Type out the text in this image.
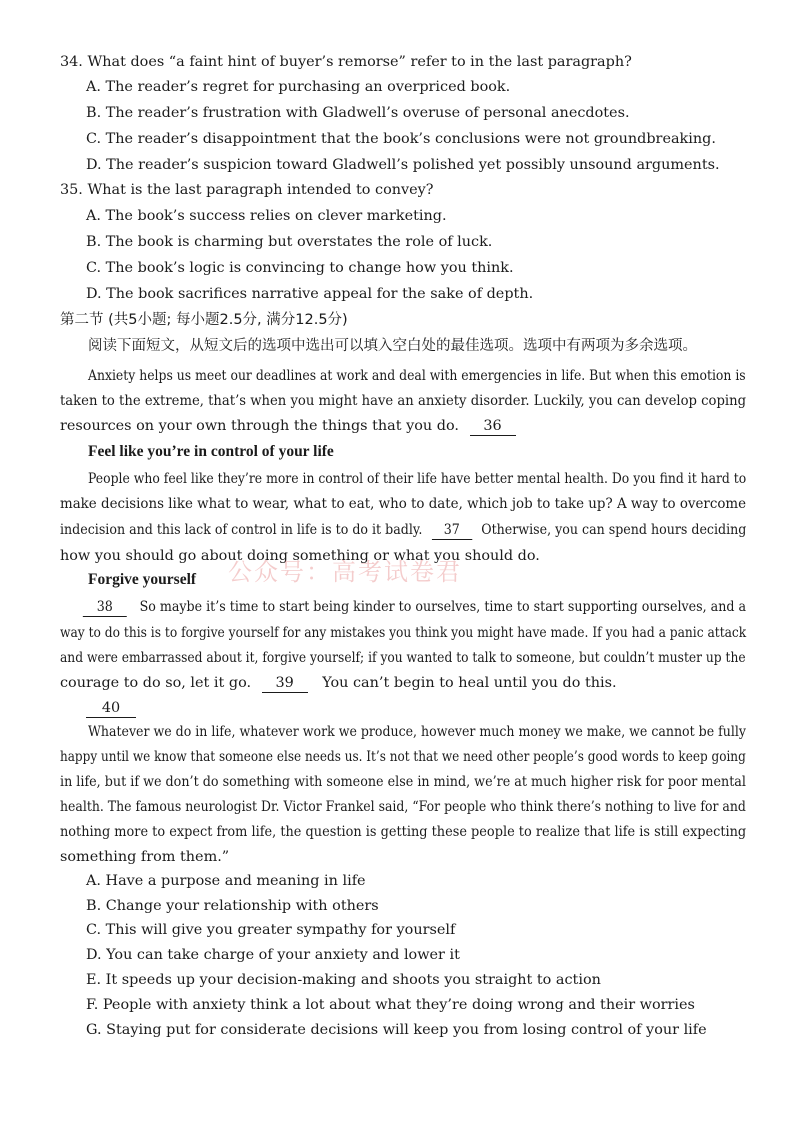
34. What does “a faint hint of buyer’s remorse” refer to in the last paragraph?
A. The reader’s regret for purchasing an overpriced book.
B. The reader’s frustration with Gladwell’s overuse of personal anecdotes.
C. The reader’s disappointment that the book’s conclusions were not groundbreaking.
D. The reader’s suspicion toward Gladwell’s polished yet possibly unsound arguments.
35. What is the last paragraph intended to convey?
A. The book’s success relies on clever marketing.
B. The book is charming but overstates the role of luck.
C. The book’s logic is convincing to change how you think.
D. The book sacrifices narrative appeal for the sake of depth.
第二节 (共5小题; 每小题2.5分, 满分12.5分)
阅读下面短文，从短文后的选项中选出可以填入空白处的最佳选项。选项中有两项为多余选项。
Anxiety helps us meet our deadlines at work and deal with emergencies in life. But when this emotion is
taken to the extreme, that’s when you might have an anxiety disorder. Luckily, you can develop coping
resources on your own through the things that you do. 36
Feel like you’re in control of your life
People who feel like they’re more in control of their life have better mental health. Do you find it hard to
make decisions like what to wear, what to eat, who to date, which job to take up? A way to overcome
indecision and this lack of control in life is to do it badly. 37 Otherwise, you can spend hours deciding
how you should go about doing something or what you should do.
公众号：高考试卷君
Forgive yourself
38 So maybe it’s time to start being kinder to ourselves, time to start supporting ourselves, and a
way to do this is to forgive yourself for any mistakes you think you might have made. If you had a panic attack
and were embarrassed about it, forgive yourself; if you wanted to talk to someone, but couldn’t muster up the
courage to do so, let it go. 39 You can’t begin to heal until you do this.
40
Whatever we do in life, whatever work we produce, however much money we make, we cannot be fully
happy until we know that someone else needs us. It’s not that we need other people’s good words to keep going
in life, but if we don’t do something with someone else in mind, we’re at much higher risk for poor mental
health. The famous neurologist Dr. Victor Frankel said, “For people who think there’s nothing to live for and
nothing more to expect from life, the question is getting these people to realize that life is still expecting
something from them.”
A. Have a purpose and meaning in life
B. Change your relationship with others
C. This will give you greater sympathy for yourself
D. You can take charge of your anxiety and lower it
E. It speeds up your decision-making and shoots you straight to action
F. People with anxiety think a lot about what they’re doing wrong and their worries
G. Staying put for considerate decisions will keep you from losing control of your life
